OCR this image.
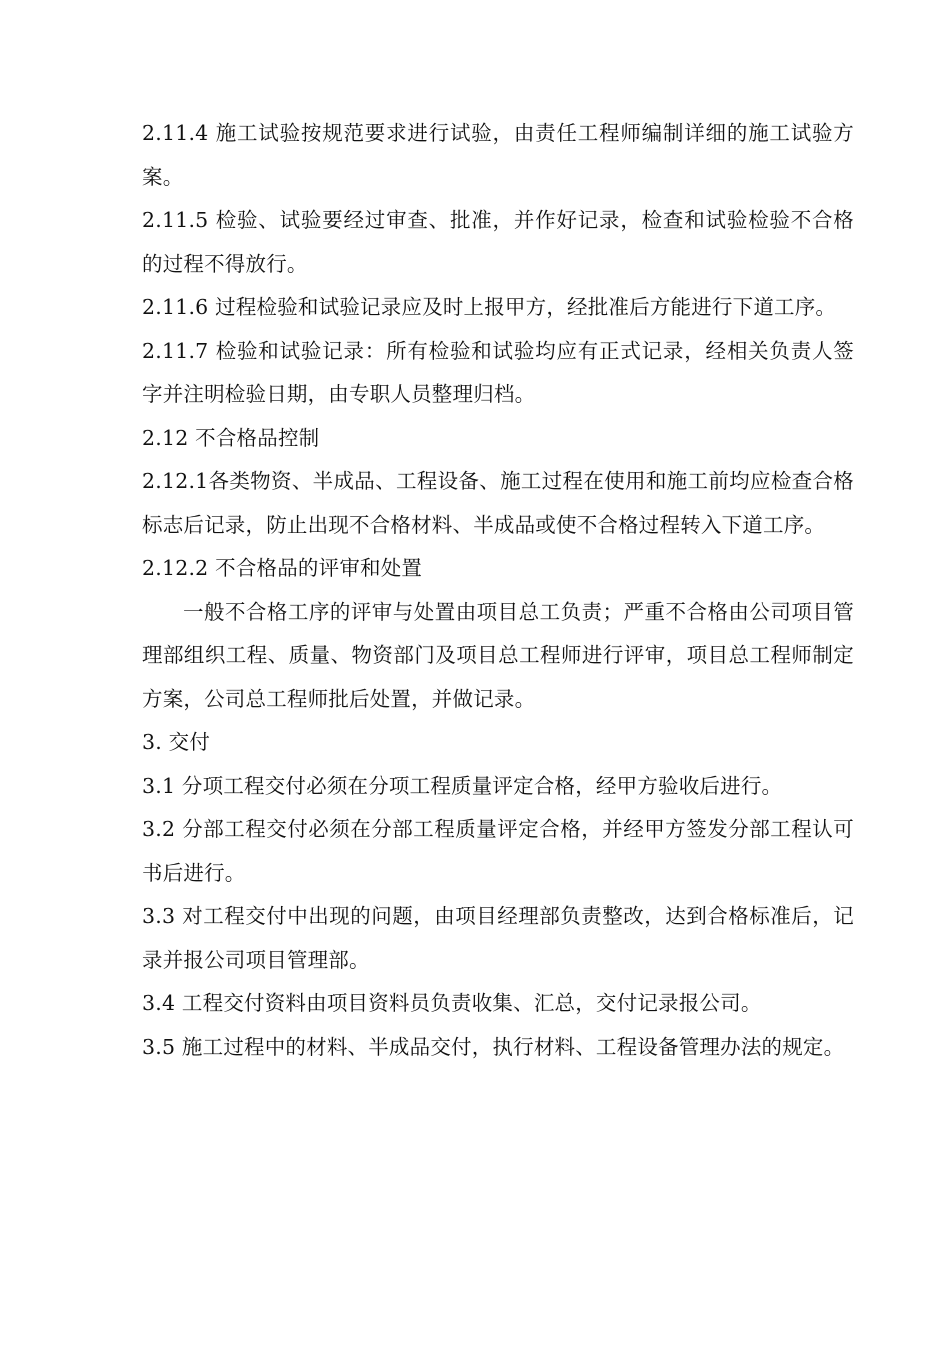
2.11.4 施工试验按规范要求进行试验，由责任工程师编制详细的施工试验方案。

2.11.5 检验、试验要经过审查、批准，并作好记录，检查和试验检验不合格的过程不得放行。

2.11.6 过程检验和试验记录应及时上报甲方，经批准后方能进行下道工序。

2.11.7 检验和试验记录：所有检验和试验均应有正式记录，经相关负责人签字并注明检验日期，由专职人员整理归档。

2.12 不合格品控制

2.12.1各类物资、半成品、工程设备、施工过程在使用和施工前均应检查合格标志后记录，防止出现不合格材料、半成品或使不合格过程转入下道工序。

2.12.2 不合格品的评审和处置

一般不合格工序的评审与处置由项目总工负责；严重不合格由公司项目管理部组织工程、质量、物资部门及项目总工程师进行评审，项目总工程师制定方案，公司总工程师批后处置，并做记录。

3. 交付

3.1 分项工程交付必须在分项工程质量评定合格，经甲方验收后进行。

3.2 分部工程交付必须在分部工程质量评定合格，并经甲方签发分部工程认可书后进行。

3.3 对工程交付中出现的问题，由项目经理部负责整改，达到合格标准后，记录并报公司项目管理部。

3.4 工程交付资料由项目资料员负责收集、汇总，交付记录报公司。

3.5 施工过程中的材料、半成品交付，执行材料、工程设备管理办法的规定。
